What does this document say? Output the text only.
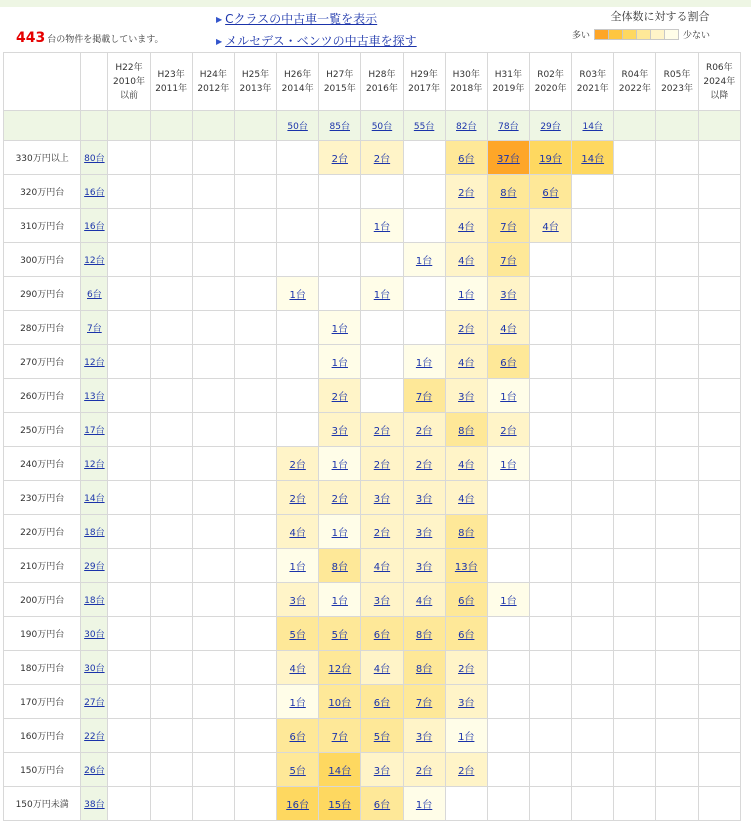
443 台の物件を掲載しています。
▶ Cクラスの中古車一覧を表示
▶ メルセデス・ベンツの中古車を探す
全体数に対する割合
多い	少ない
		H22年
2010年
以前	H23年
2011年	H24年
2012年	H25年
2013年	H26年
2014年	H27年
2015年	H28年
2016年	H29年
2017年	H30年
2018年	H31年
2019年	R02年
2020年	R03年
2021年	R04年
2022年	R05年
2023年	R06年
2024年
以降
						50台	85台	50台	55台	82台	78台	29台	14台			
330万円以上	80台						2台	2台		6台	37台	19台	14台			
320万円台	16台									2台	8台	6台				
310万円台	16台							1台		4台	7台	4台				
300万円台	12台								1台	4台	7台					
290万円台	6台					1台		1台		1台	3台					
280万円台	7台						1台			2台	4台					
270万円台	12台						1台		1台	4台	6台					
260万円台	13台						2台		7台	3台	1台					
250万円台	17台						3台	2台	2台	8台	2台					
240万円台	12台					2台	1台	2台	2台	4台	1台					
230万円台	14台					2台	2台	3台	3台	4台						
220万円台	18台					4台	1台	2台	3台	8台						
210万円台	29台					1台	8台	4台	3台	13台						
200万円台	18台					3台	1台	3台	4台	6台	1台					
190万円台	30台					5台	5台	6台	8台	6台						
180万円台	30台					4台	12台	4台	8台	2台						
170万円台	27台					1台	10台	6台	7台	3台						
160万円台	22台					6台	7台	5台	3台	1台						
150万円台	26台					5台	14台	3台	2台	2台						
150万円未満	38台					16台	15台	6台	1台							
